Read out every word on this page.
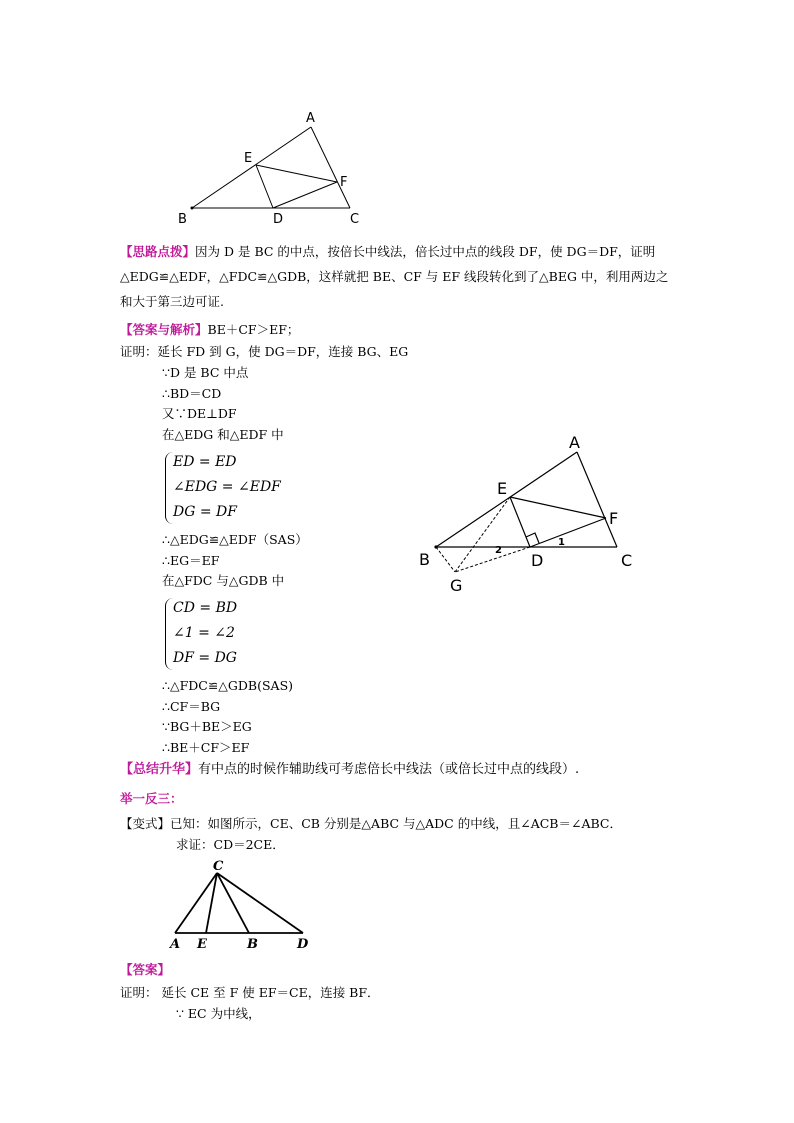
A
E
F
B	D	C
【思路点拨】因为 D 是 BC 的中点，按倍长中线法，倍长过中点的线段 DF，使 DG＝DF，证明△EDG≌△EDF，△FDC≌△GDB，这样就把 BE、CF 与 EF 线段转化到了△BEG 中，利用两边之和大于第三边可证.
【答案与解析】BE＋CF＞EF；
证明：延长 FD 到 G，使 DG＝DF，连接 BG、EG
∵D 是 BC 中点
∴BD＝CD
又∵DE⊥DF
在△EDG 和△EDF 中
ED = ED
∠EDG = ∠EDF
DG = DF
∴△EDG≌△EDF（SAS）
∴EG＝EF
在△FDC 与△GDB 中
CD = BD
∠1 = ∠2
DF = DG
∴△FDC≌△GDB(SAS)
∴CF＝BG
∵BG＋BE＞EG
∴BE＋CF＞EF
A
E
F
B	D	C
G
1
2
【总结升华】有中点的时候作辅助线可考虑倍长中线法（或倍长过中点的线段）.
举一反三：
【变式】已知：如图所示，CE、CB 分别是△ABC 与△ADC 的中线，且∠ACB＝∠ABC．
求证：CD＝2CE．
C
A E	B	D
【答案】
证明： 延长 CE 至 F 使 EF＝CE，连接 BF．
∵ EC 为中线，
